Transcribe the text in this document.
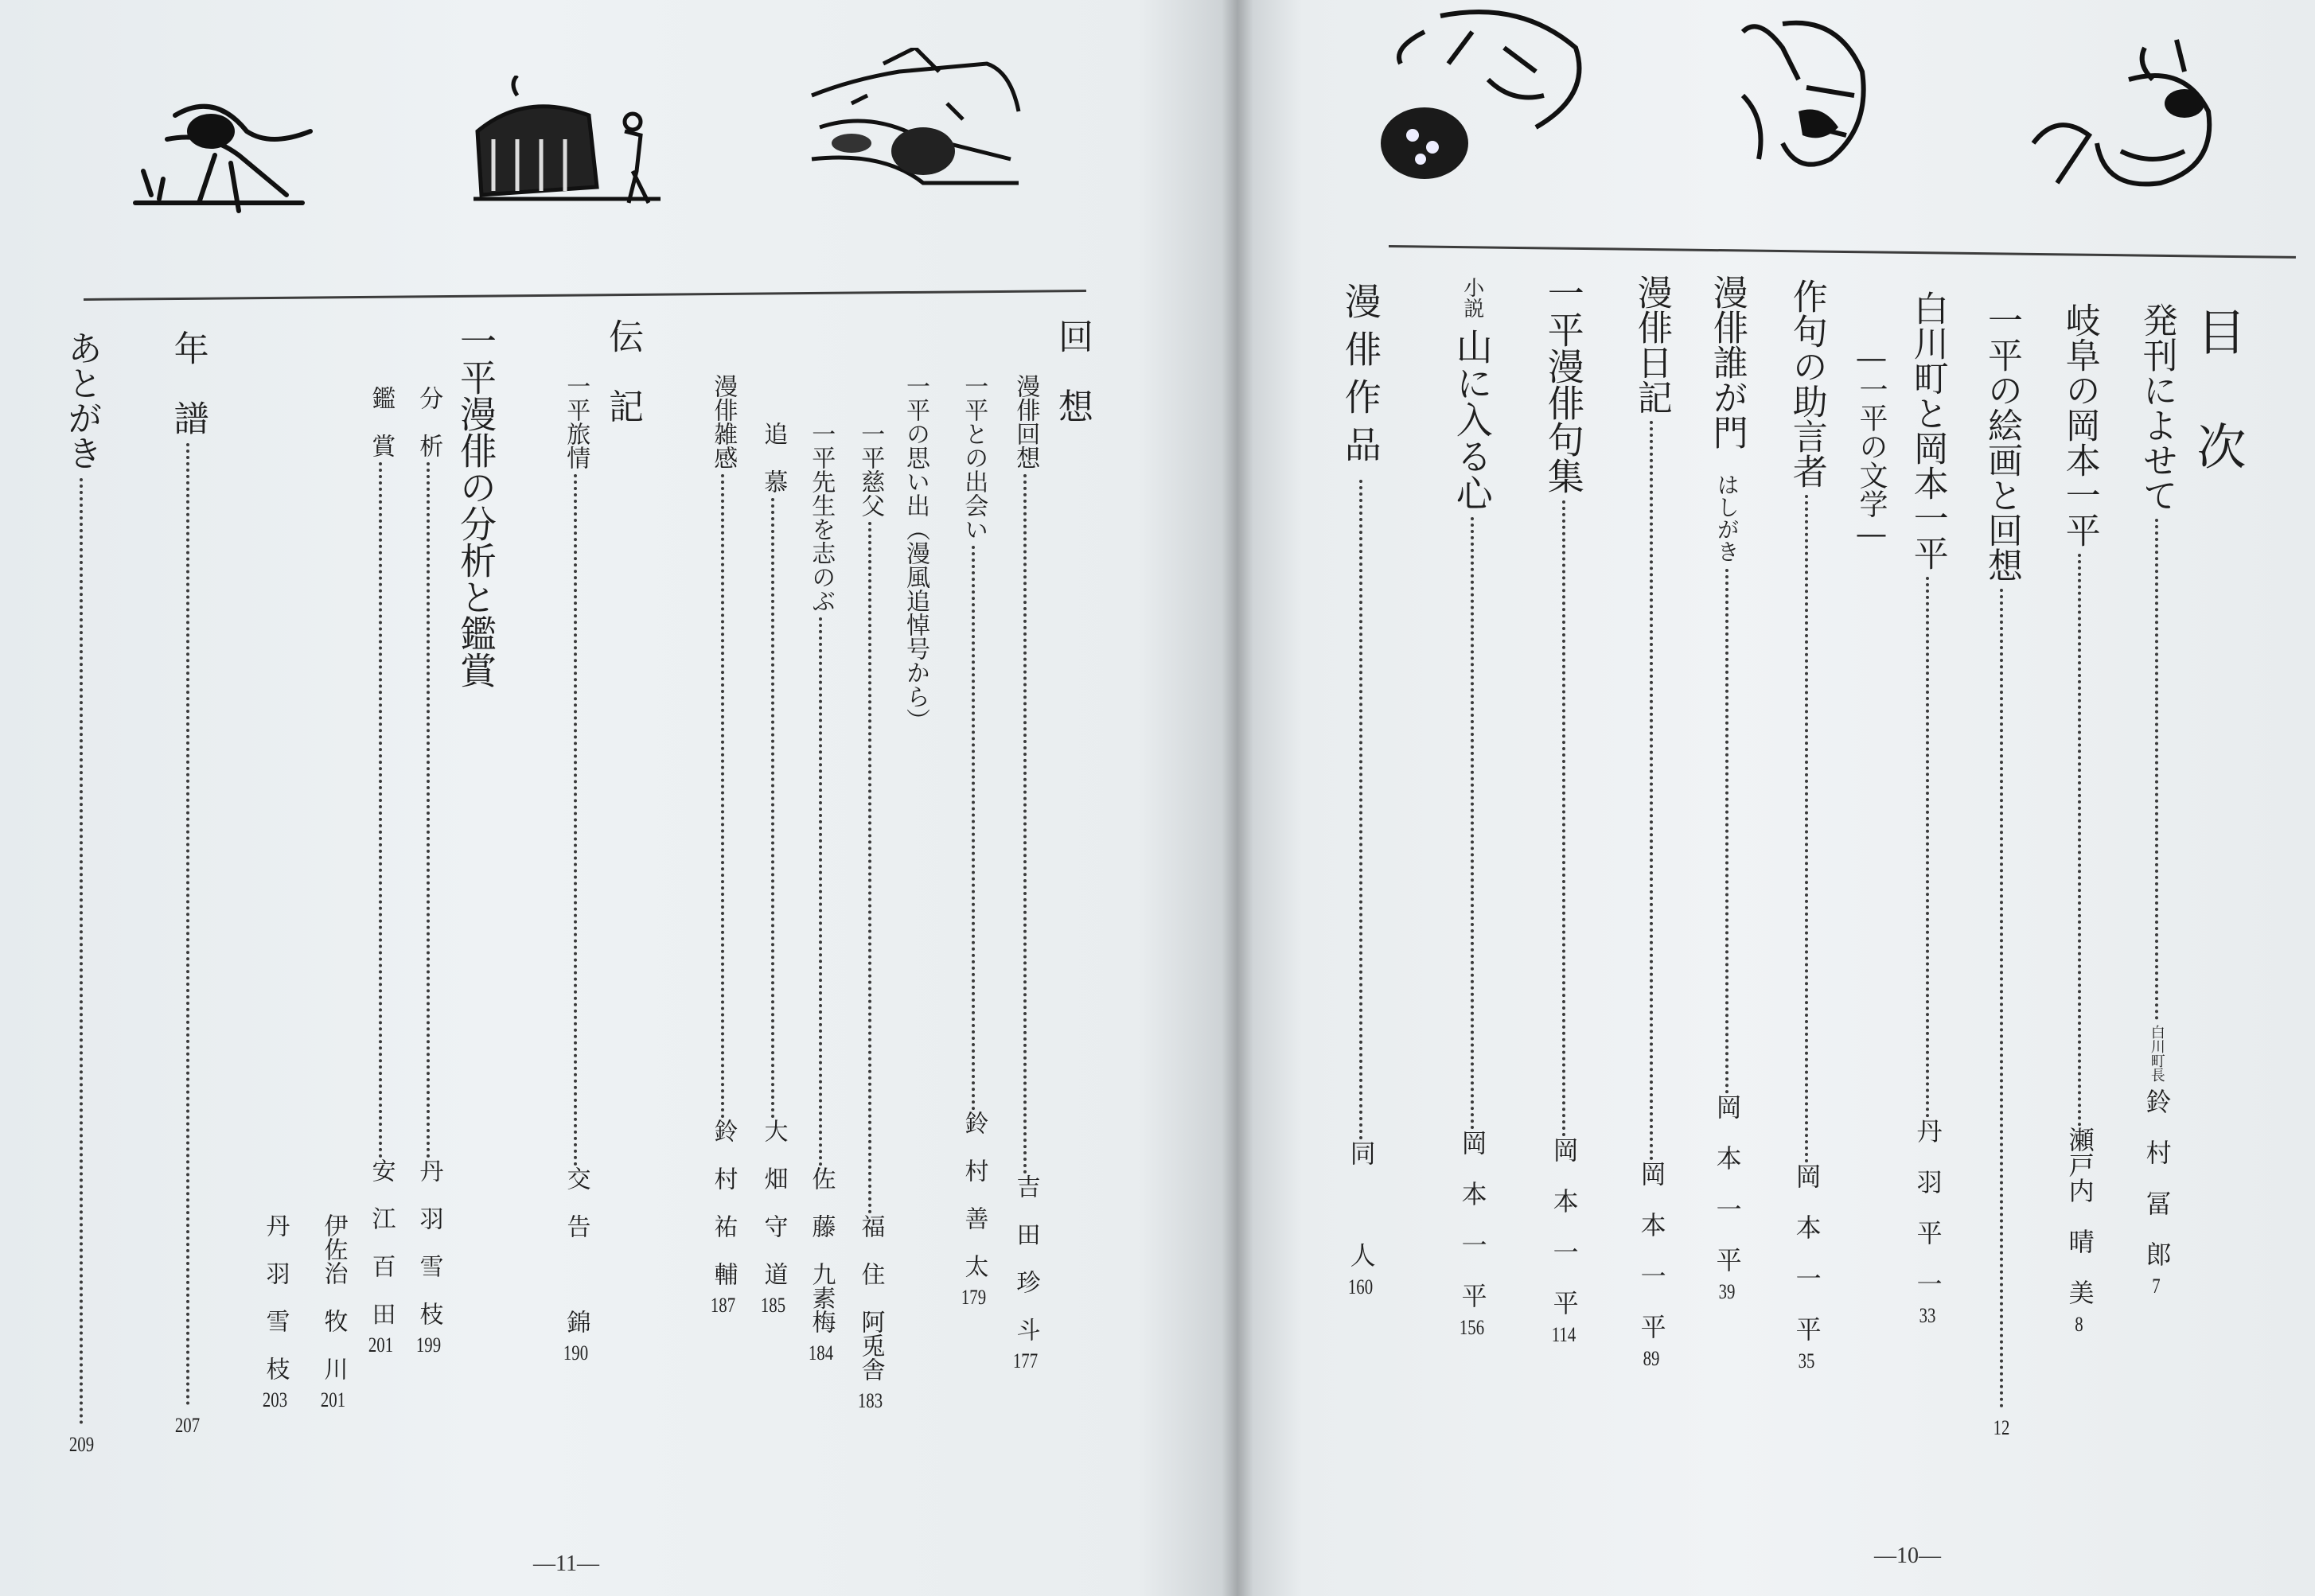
回　想
漫俳回想
吉　田　珍　斗
177
一平との出会い
鈴　村　善　太
179
一平の思い出（漫風追悼号から）
一平慈父
福　住　阿兎舎
183
一平先生を志のぶ
佐　藤　九素梅
184
追　慕
大　畑　守　道
185
漫俳雑感
鈴　村　祐　輔
187
伝　記
一平旅情
交　告　　　錦
190
一平漫俳の分析と鑑賞
分　析
丹　羽　雪　枝
199
鑑　賞
安　江　百　田
201
伊佐治　牧　川
201
丹　羽　雪　枝
203
年　譜
207
あとがき
209
―11―
目　次
発刊によせて
白川町長
鈴　村　冨　郎
7
岐阜の岡本一平
瀬戸内　晴　美
8
一平の絵画と回想
12
白川町と岡本一平
丹　羽　平　一
33
―一平の文学―
作句の助言者
岡　本　一　平
35
漫俳誰が門
はしがき
岡　本　一　平
39
漫俳日記
岡　本　一　平
89
一平漫俳句集
岡　本　一　平
114
小説
山に入る心
岡　本　一　平
156
漫俳作品
同　　　人
160
―10―
